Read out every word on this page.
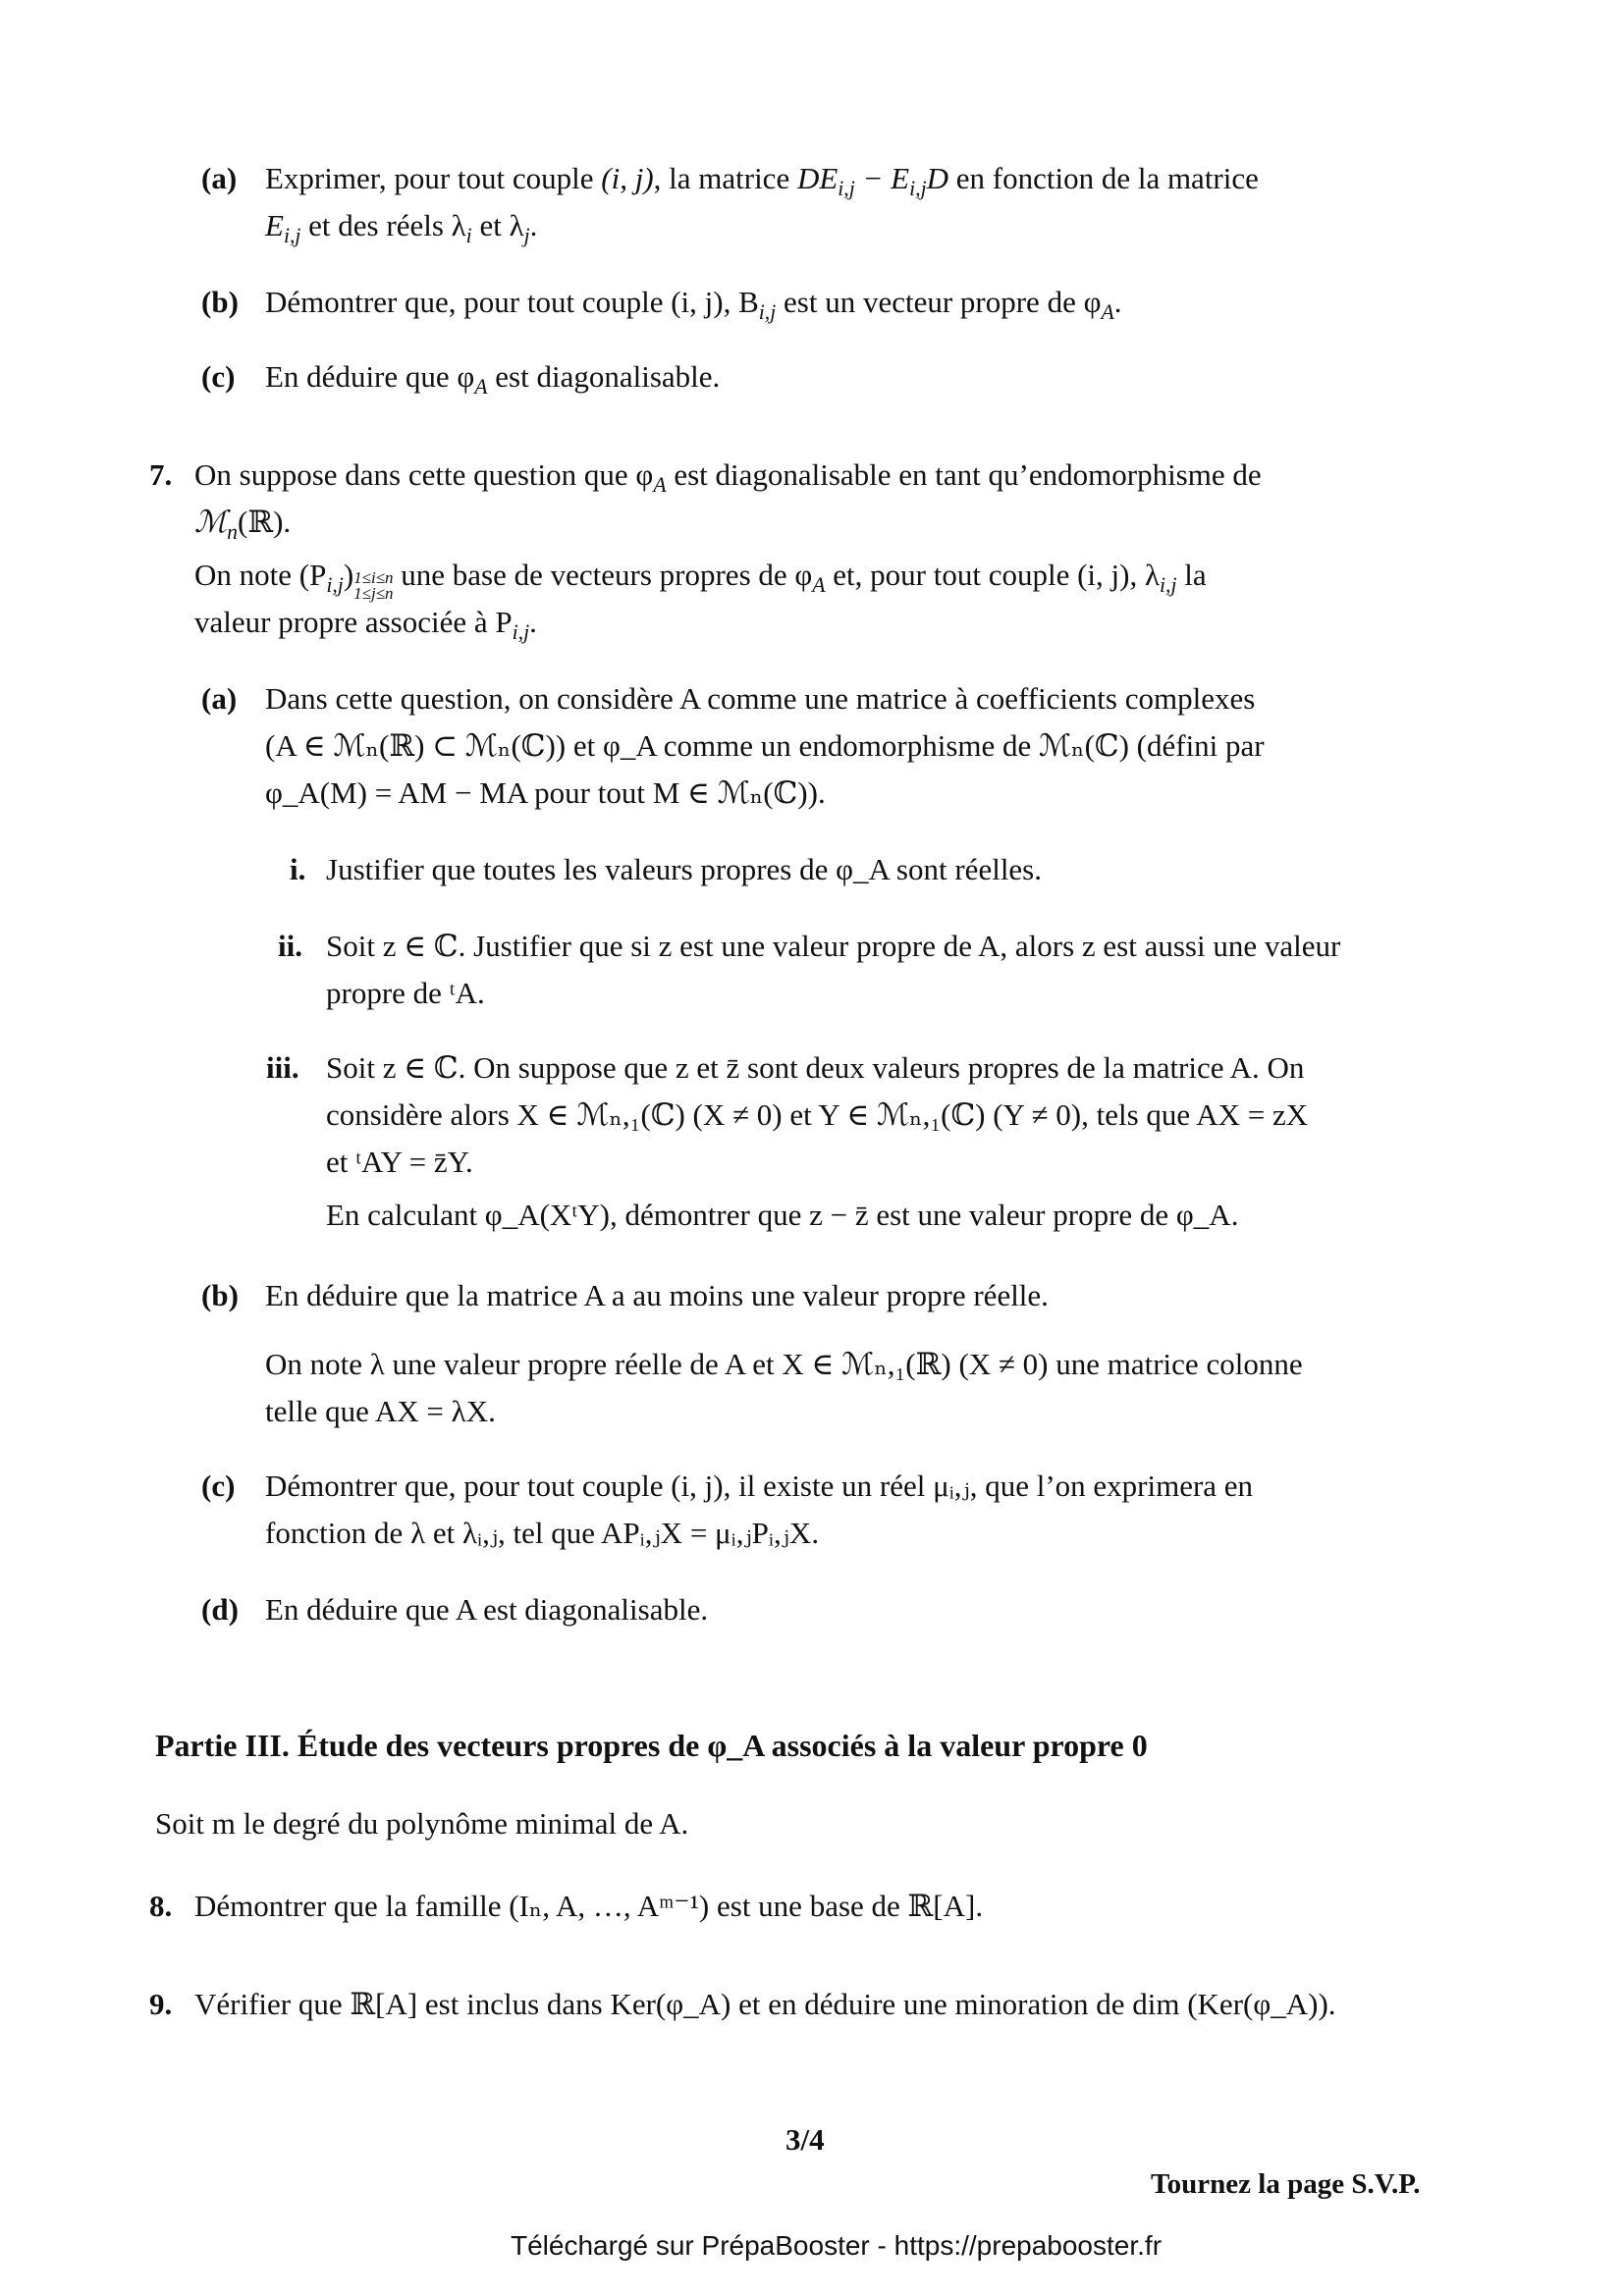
(a) Exprimer, pour tout couple (i, j), la matrice $DE_{i,j} - E_{i,j}D$ en fonction de la matrice
$E_{i,j}$ et des réels $\lambda_i$ et $\lambda_j$.
(b) Démontrer que, pour tout couple (i, j), $B_{i,j}$ est un vecteur propre de $\varphi_A$.
(c) En déduire que $\varphi_A$ est diagonalisable.
7. On suppose dans cette question que $\varphi_A$ est diagonalisable en tant qu’endomorphisme de
ℳ$_n$(ℝ).
On note $(P_{i,j})1\le i\le n$
1≤j≤n une base de vecteurs propres de $\varphi_A$ et, pour tout couple (i, j), $\lambda_{i,j}$ la
valeur propre associée à $P_{i,j}$.
(a) Dans cette question, on considère A comme une matrice à coefficients complexes
(A ∈ ℳₙ(ℝ) ⊂ ℳₙ(ℂ)) et φ_A comme un endomorphisme de ℳₙ(ℂ) (défini par
φ_A(M) = AM − MA pour tout M ∈ ℳₙ(ℂ)).
i. Justifier que toutes les valeurs propres de φ_A sont réelles.
ii. Soit z ∈ ℂ. Justifier que si z est une valeur propre de A, alors z est aussi une valeur
propre de ᵗA.
iii. Soit z ∈ ℂ. On suppose que z et z̄ sont deux valeurs propres de la matrice A. On
considère alors X ∈ ℳₙ,₁(ℂ) (X ≠ 0) et Y ∈ ℳₙ,₁(ℂ) (Y ≠ 0), tels que AX = zX
et ᵗAY = z̄Y.
En calculant φ_A(XᵗY), démontrer que z − z̄ est une valeur propre de φ_A.
(b) En déduire que la matrice A a au moins une valeur propre réelle.
On note λ une valeur propre réelle de A et X ∈ ℳₙ,₁(ℝ) (X ≠ 0) une matrice colonne
telle que AX = λX.
(c) Démontrer que, pour tout couple (i, j), il existe un réel μᵢ,ⱼ, que l’on exprimera en
fonction de λ et λᵢ,ⱼ, tel que APᵢ,ⱼX = μᵢ,ⱼPᵢ,ⱼX.
(d) En déduire que A est diagonalisable.
Partie III. Étude des vecteurs propres de φ_A associés à la valeur propre 0
Soit m le degré du polynôme minimal de A.
8. Démontrer que la famille (Iₙ, A, …, Aᵐ⁻¹) est une base de ℝ[A].
9. Vérifier que ℝ[A] est inclus dans Ker(φ_A) et en déduire une minoration de dim (Ker(φ_A)).
3/4
Tournez la page S.V.P.
Téléchargé sur PrépaBooster - https://prepabooster.fr
